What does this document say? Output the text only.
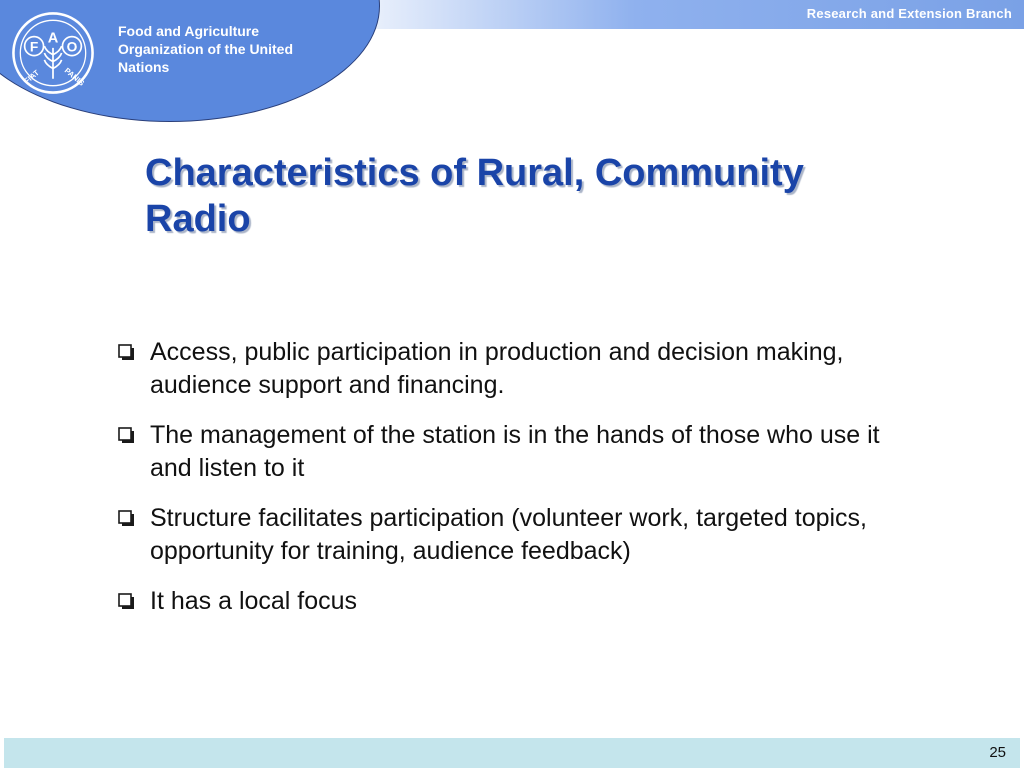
Research and Extension Branch
F
A
O
FIAT PANIS
Food and Agriculture Organization of the United Nations
Characteristics of Rural, Community Radio
Access, public participation in production and decision making, audience support and financing.
The management of the station is in the hands of those who use it and listen to it
Structure facilitates participation (volunteer work, targeted topics, opportunity for training, audience feedback)
It has a local focus
25
